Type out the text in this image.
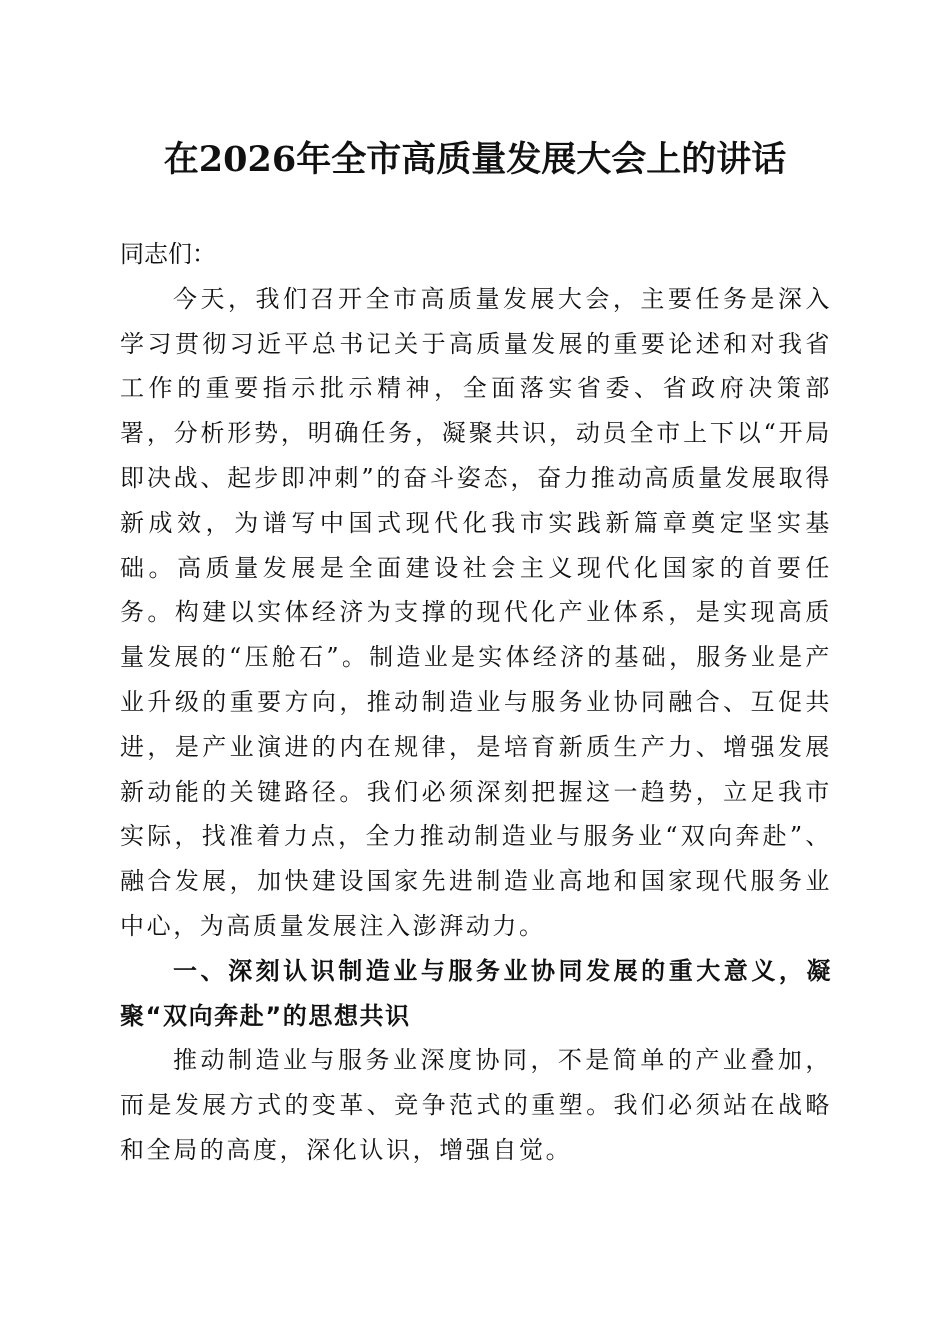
在2026年全市高质量发展大会上的讲话

同志们：

今天，我们召开全市高质量发展大会，主要任务是深入学习贯彻习近平总书记关于高质量发展的重要论述和对我省工作的重要指示批示精神，全面落实省委、省政府决策部署，分析形势，明确任务，凝聚共识，动员全市上下以“开局即决战、起步即冲刺”的奋斗姿态，奋力推动高质量发展取得新成效，为谱写中国式现代化我市实践新篇章奠定坚实基础。高质量发展是全面建设社会主义现代化国家的首要任务。构建以实体经济为支撑的现代化产业体系，是实现高质量发展的“压舱石”。制造业是实体经济的基础，服务业是产业升级的重要方向，推动制造业与服务业协同融合、互促共进，是产业演进的内在规律，是培育新质生产力、增强发展新动能的关键路径。我们必须深刻把握这一趋势，立足我市实际，找准着力点，全力推动制造业与服务业“双向奔赴”、融合发展，加快建设国家先进制造业高地和国家现代服务业中心，为高质量发展注入澎湃动力。

一、深刻认识制造业与服务业协同发展的重大意义，凝聚“双向奔赴”的思想共识

推动制造业与服务业深度协同，不是简单的产业叠加，而是发展方式的变革、竞争范式的重塑。我们必须站在战略和全局的高度，深化认识，增强自觉。
